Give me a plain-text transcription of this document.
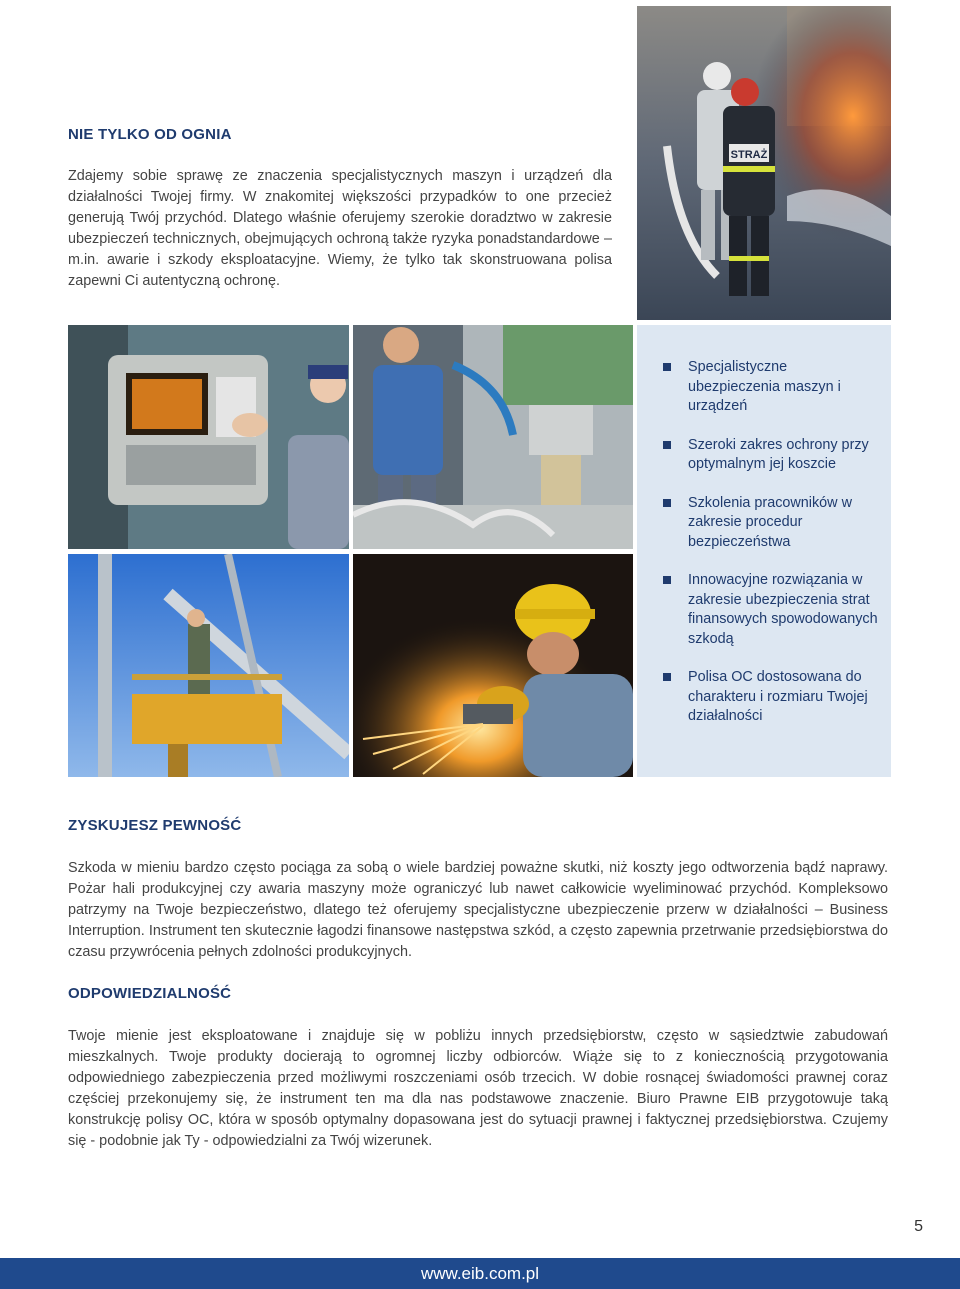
NIE TYLKO OD OGNIA

Zdajemy sobie sprawę ze znaczenia specjalistycznych maszyn i urządzeń dla działalności Twojej firmy. W znakomitej większości przypadków to one przecież generują Twój przychód. Dlatego właśnie oferujemy szerokie doradztwo w zakresie ubezpieczeń technicznych, obejmujących ochroną także ryzyka ponadstandardowe – m.in. awarie i szkody eksploatacyjne. Wiemy, że tylko tak skonstruowana polisa zapewni Ci autentyczną ochronę.

STRAŻ
Specjalistyczne ubezpieczenia maszyn i urządzeń
Szeroki zakres ochrony przy optymalnym jej koszcie
Szkolenia pracowników w zakresie procedur bezpieczeństwa
Innowacyjne rozwiązania w zakresie ubezpieczenia strat finansowych spowodowanych szkodą
Polisa OC dostosowana do charakteru i rozmiaru Twojej działalności
ZYSKUJESZ PEWNOŚĆ

Szkoda w mieniu bardzo często pociąga za sobą o wiele bardziej poważne skutki, niż koszty jego odtworzenia bądź naprawy. Pożar hali produkcyjnej czy awaria maszyny może ograniczyć lub nawet całkowicie wyeliminować przychód. Kompleksowo patrzymy na Twoje bezpieczeństwo, dlatego też oferujemy specjalistyczne ubezpieczenie przerw w działalności – Business Interruption. Instrument ten skutecznie łagodzi finansowe następstwa szkód, a często zapewnia przetrwanie przedsiębiorstwa do czasu przywrócenia pełnych zdolności produkcyjnych.

ODPOWIEDZIALNOŚĆ

Twoje mienie jest eksploatowane i znajduje się w pobliżu innych przedsiębiorstw, często w sąsiedztwie zabudowań mieszkalnych. Twoje produkty docierają to ogromnej liczby odbiorców. Wiąże się to z koniecznością przygotowania odpowiedniego zabezpieczenia przed możliwymi roszczeniami osób trzecich. W dobie rosnącej świadomości prawnej coraz częściej przekonujemy się, że instrument ten ma dla nas podstawowe znaczenie. Biuro Prawne EIB przygotowuje taką konstrukcję polisy OC, która w sposób optymalny dopasowana jest do sytuacji prawnej i faktycznej przedsiębiorstwa. Czujemy się - podobnie jak Ty - odpowiedzialni za Twój wizerunek.

5
www.eib.com.pl
